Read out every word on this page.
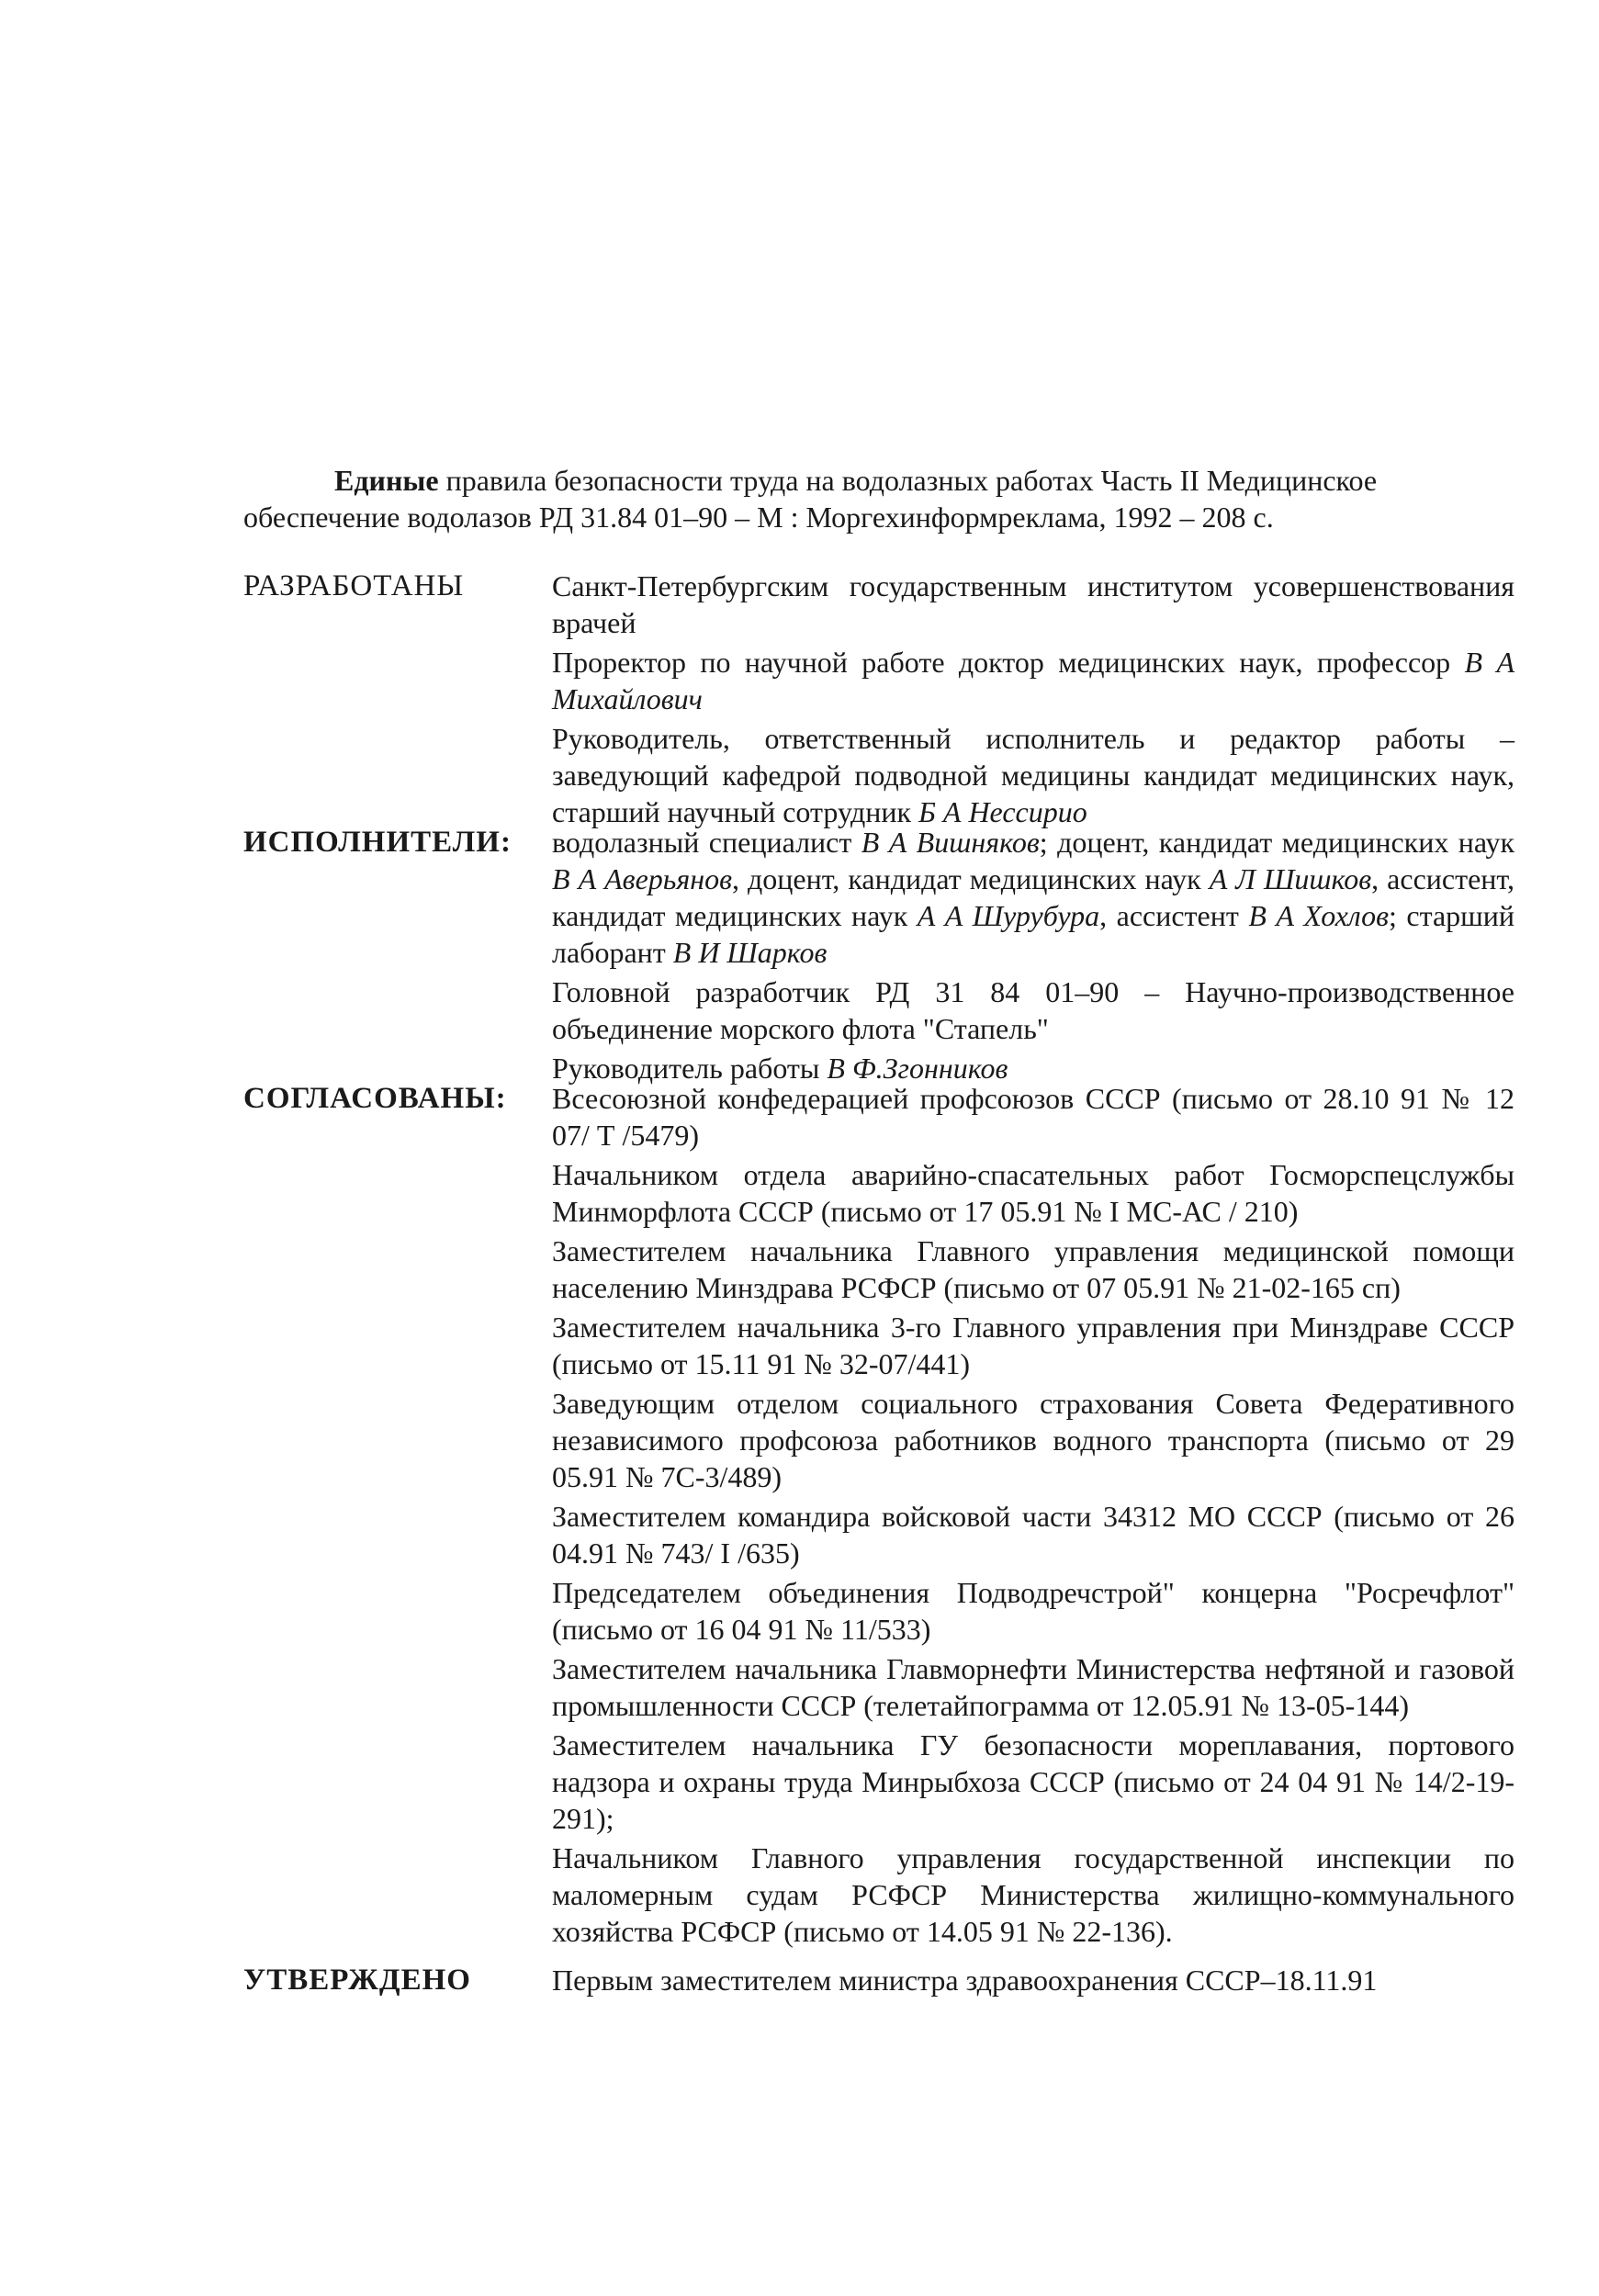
Единые правила безопасности труда на водолазных работах Часть II Медицинское
обеспечение водолазов РД 31.84 01–90 – М : Моргехинформреклама, 1992 – 208 с.
РАЗРАБОТАНЫ	Санкт-Петербургским государственным институтом усовершенствования врачей
Проректор по научной работе доктор медицинских наук, профессор В А Михайлович
Руководитель, ответственный исполнитель и редактор работы – заведующий кафедрой подводной медицины кандидат медицинских наук, старший научный сотрудник Б А Нессирио
ИСПОЛНИТЕЛИ: водолазный специалист В А Вишняков; доцент, кандидат медицинских наук В А Аверьянов, доцент, кандидат медицинских наук А Л Шишков, ассистент, кандидат медицинских наук А А Шурубура, ассистент В А Хохлов; старший лаборант В И Шарков
Головной разработчик РД 31 84 01–90 – Научно-производственное объединение морского флота "Стапель"
Руководитель работы В Ф.Згонников
СОГЛАСОВАНЫ: Всесоюзной конфедерацией профсоюзов СССР (письмо от 28.10 91 № 12 07/ Т /5479)
Начальником отдела аварийно-спасательных работ Госморспецслужбы Минморфлота СССР (письмо от 17 05.91 № I МС-АС / 210)
Заместителем начальника Главного управления медицинской помощи населению Минздрава РСФСР (письмо от 07 05.91 № 21-02-165 сп)
Заместителем начальника 3-го Главного управления при Минздраве СССР (письмо от 15.11 91 № 32-07/441)
Заведующим отделом социального страхования Совета Федеративного независимого профсоюза работников водного транспорта (письмо от 29 05.91 № 7С-3/489)
Заместителем командира войсковой части 34312 МО СССР (письмо от 26 04.91 № 743/ I /635)
Председателем объединения Подводречстрой" концерна "Росречфлот" (письмо от 16 04 91 № 11/533)
Заместителем начальника Главморнефти Министерства нефтяной и газовой промышленности СССР (телетайпограмма от 12.05.91 № 13-05-144)
Заместителем начальника ГУ безопасности мореплавания, портового надзора и охраны труда Минрыбхоза СССР (письмо от 24 04 91 № 14/2-19-291);
Начальником Главного управления государственной инспекции по маломерным судам РСФСР Министерства жилищно-коммунального хозяйства РСФСР (письмо от 14.05 91 № 22-136).
УТВЕРЖДЕНО	Первым заместителем министра здравоохранения СССР–18.11.91
